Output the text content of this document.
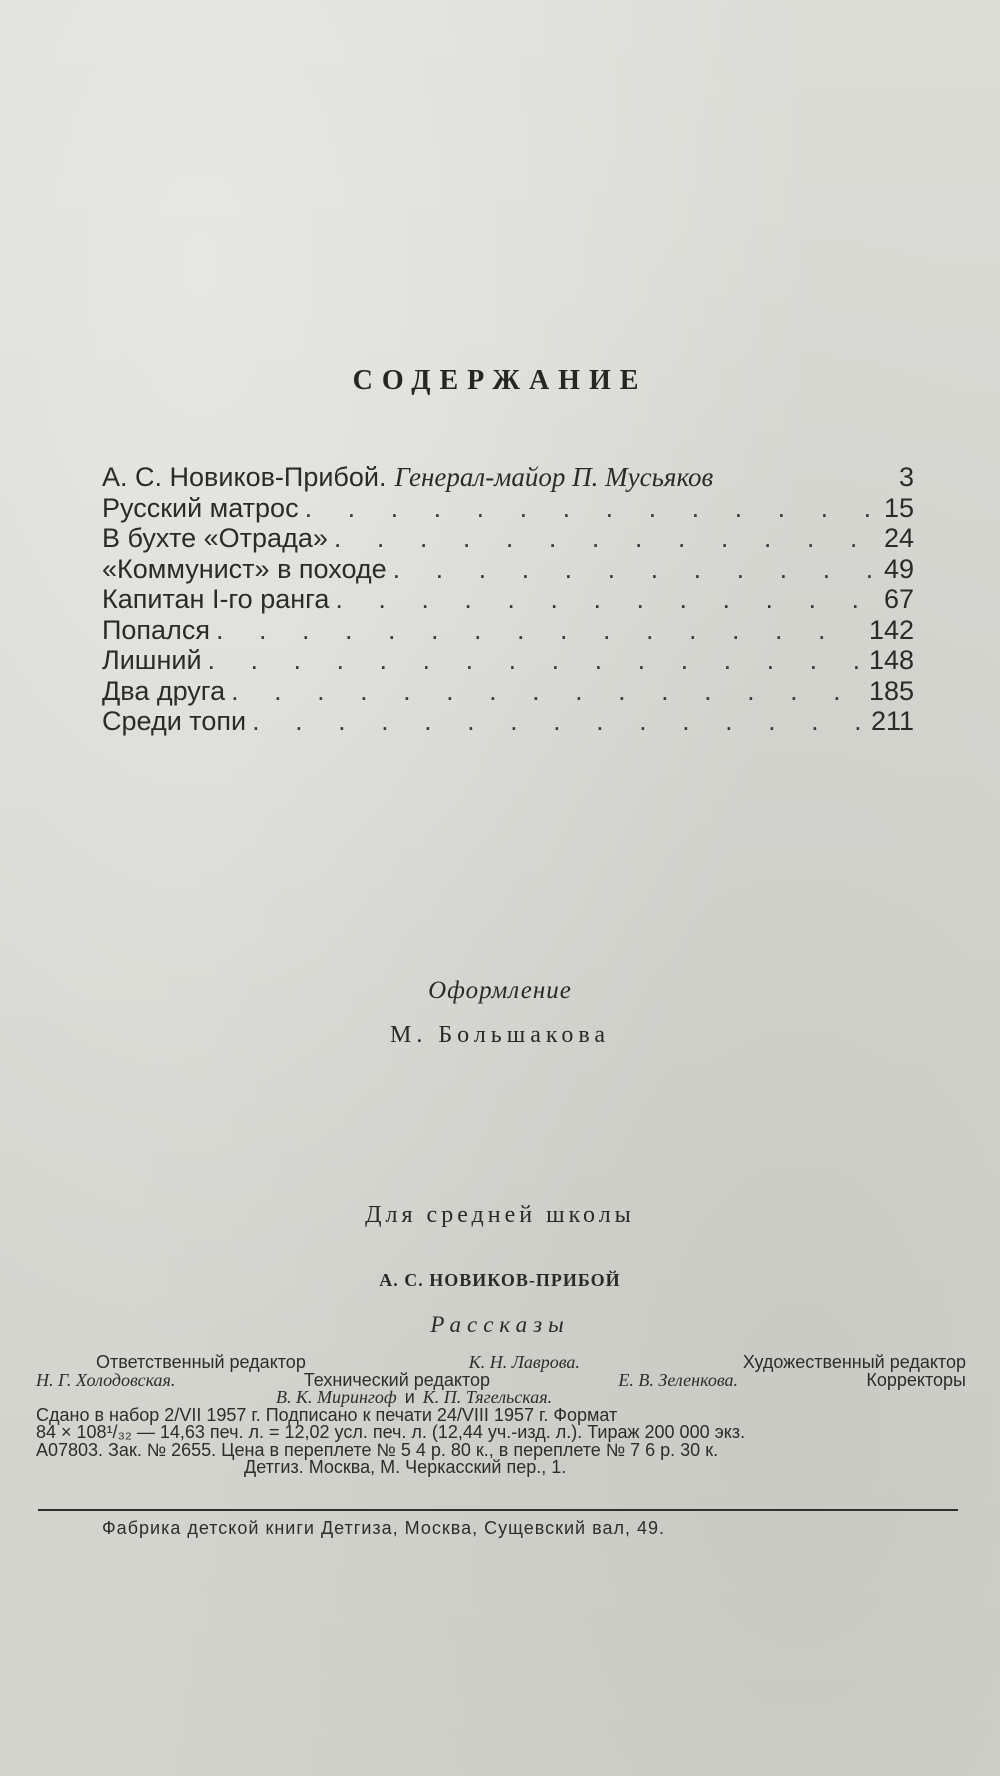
СОДЕРЖАНИЕ
А. С. Новиков-Прибой. Генерал-майор П. Мусьяков	3
Русский матрос . . .	15
В бухте «Отрада» . . .	24
«Коммунист» в походе . . .	49
Капитан I-го ранга . . .	67
Попался . . .	142
Лишний . . .	148
Два друга . . .	185
Среди топи . . .	211
Оформление
М. Большакова
Для средней школы
А. С. НОВИКОВ-ПРИБОЙ
Рассказы
Ответственный редактор	К. Н. Лаврова.	Художественный редактор
Н. Г. Холодовская.	Технический редактор	Е. В. Зеленкова.	Корректоры
В. К. Мирингоф и К. П. Тягельская.
Сдано в набор 2/VII 1957 г. Подписано к печати 24/VIII 1957 г. Формат
84 × 108¹/₃₂ — 14,63 печ. л. = 12,02 усл. печ. л. (12,44 уч.-изд. л.). Тираж 200 000 экз.
А07803. Зак. № 2655. Цена в переплете № 5 4 р. 80 к., в переплете № 7 6 р. 30 к.
Детгиз. Москва, М. Черкасский пер., 1.
Фабрика детской книги Детгиза, Москва, Сущевский вал, 49.
